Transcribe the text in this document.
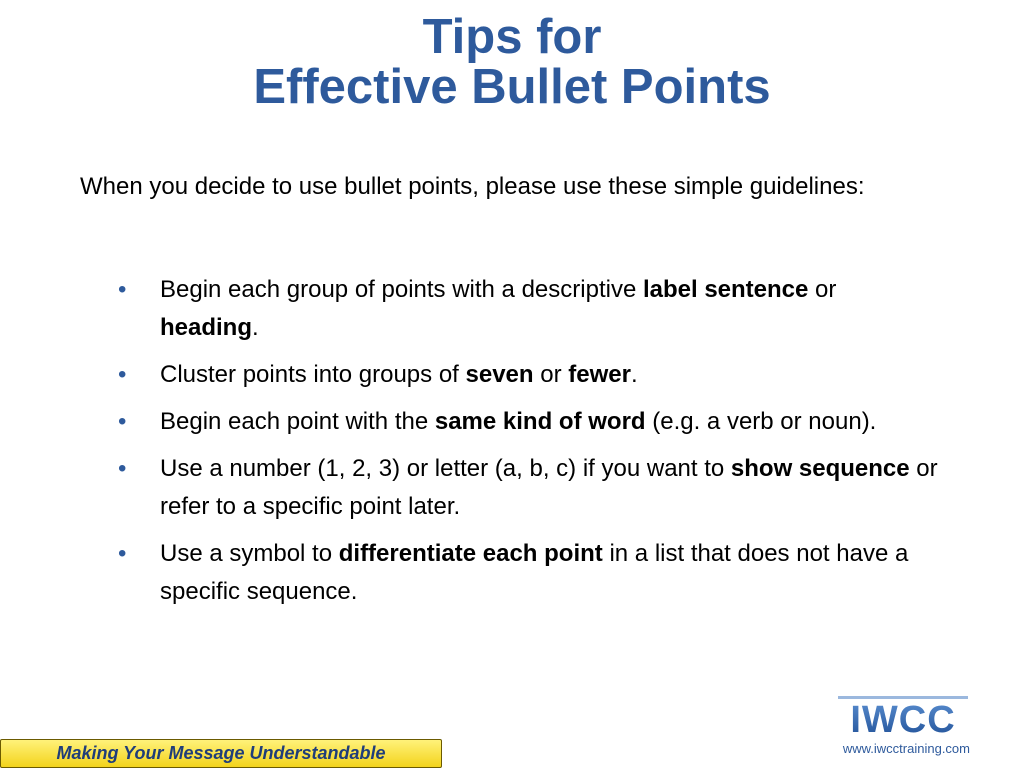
Tips for
Effective Bullet Points

When you decide to use bullet points, please use these simple guidelines:

• Begin each group of points with a descriptive label sentence or heading.
• Cluster points into groups of seven or fewer.
• Begin each point with the same kind of word (e.g. a verb or noun).
• Use a number (1, 2, 3) or letter (a, b, c) if you want to show sequence or refer to a specific point later.
• Use a symbol to differentiate each point in a list that does not have a specific sequence.
Making Your Message Understandable
IWCC
www.iwcctraining.com
